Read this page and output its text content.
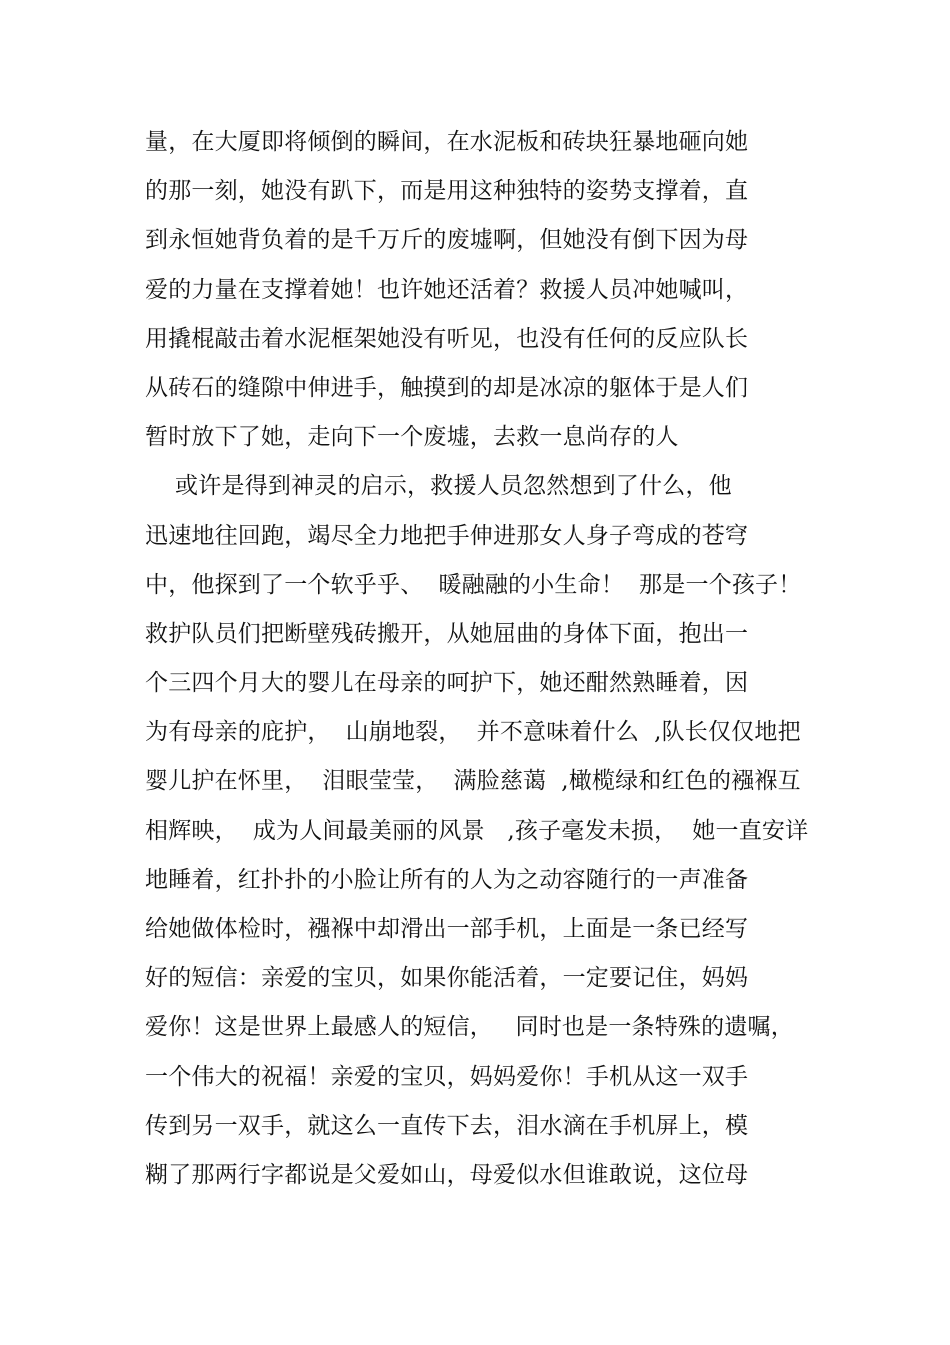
量，在大厦即将倾倒的瞬间，在水泥板和砖块狂暴地砸向她
的那一刻，她没有趴下，而是用这种独特的姿势支撑着，直
到永恒她背负着的是千万斤的废墟啊，但她没有倒下因为母
爱的力量在支撑着她！也许她还活着？救援人员冲她喊叫，
用撬棍敲击着水泥框架她没有听见，也没有任何的反应队长
从砖石的缝隙中伸进手，触摸到的却是冰凉的躯体于是人们
暂时放下了她，走向下一个废墟，去救一息尚存的人
或许是得到神灵的启示，救援人员忽然想到了什么，他
迅速地往回跑，竭尽全力地把手伸进那女人身子弯成的苍穹
中，他探到了一个软乎乎、  暖融融的小生命！  那是一个孩子！
救护队员们把断壁残砖搬开，从她屈曲的身体下面，抱出一
个三四个月大的婴儿在母亲的呵护下，她还酣然熟睡着，因
为有母亲的庇护，  山崩地裂，  并不意味着什么  ,队长仅仅地把
婴儿护在怀里，  泪眼莹莹，  满脸慈蔼  ,橄榄绿和红色的襁褓互
相辉映，  成为人间最美丽的风景   ,孩子毫发未损，  她一直安详
地睡着，红扑扑的小脸让所有的人为之动容随行的一声准备
给她做体检时，襁褓中却滑出一部手机，上面是一条已经写
好的短信：亲爱的宝贝，如果你能活着，一定要记住，妈妈
爱你！这是世界上最感人的短信，   同时也是一条特殊的遗嘱，
一个伟大的祝福！亲爱的宝贝，妈妈爱你！手机从这一双手
传到另一双手，就这么一直传下去，泪水滴在手机屏上，模
糊了那两行字都说是父爱如山，母爱似水但谁敢说，这位母
